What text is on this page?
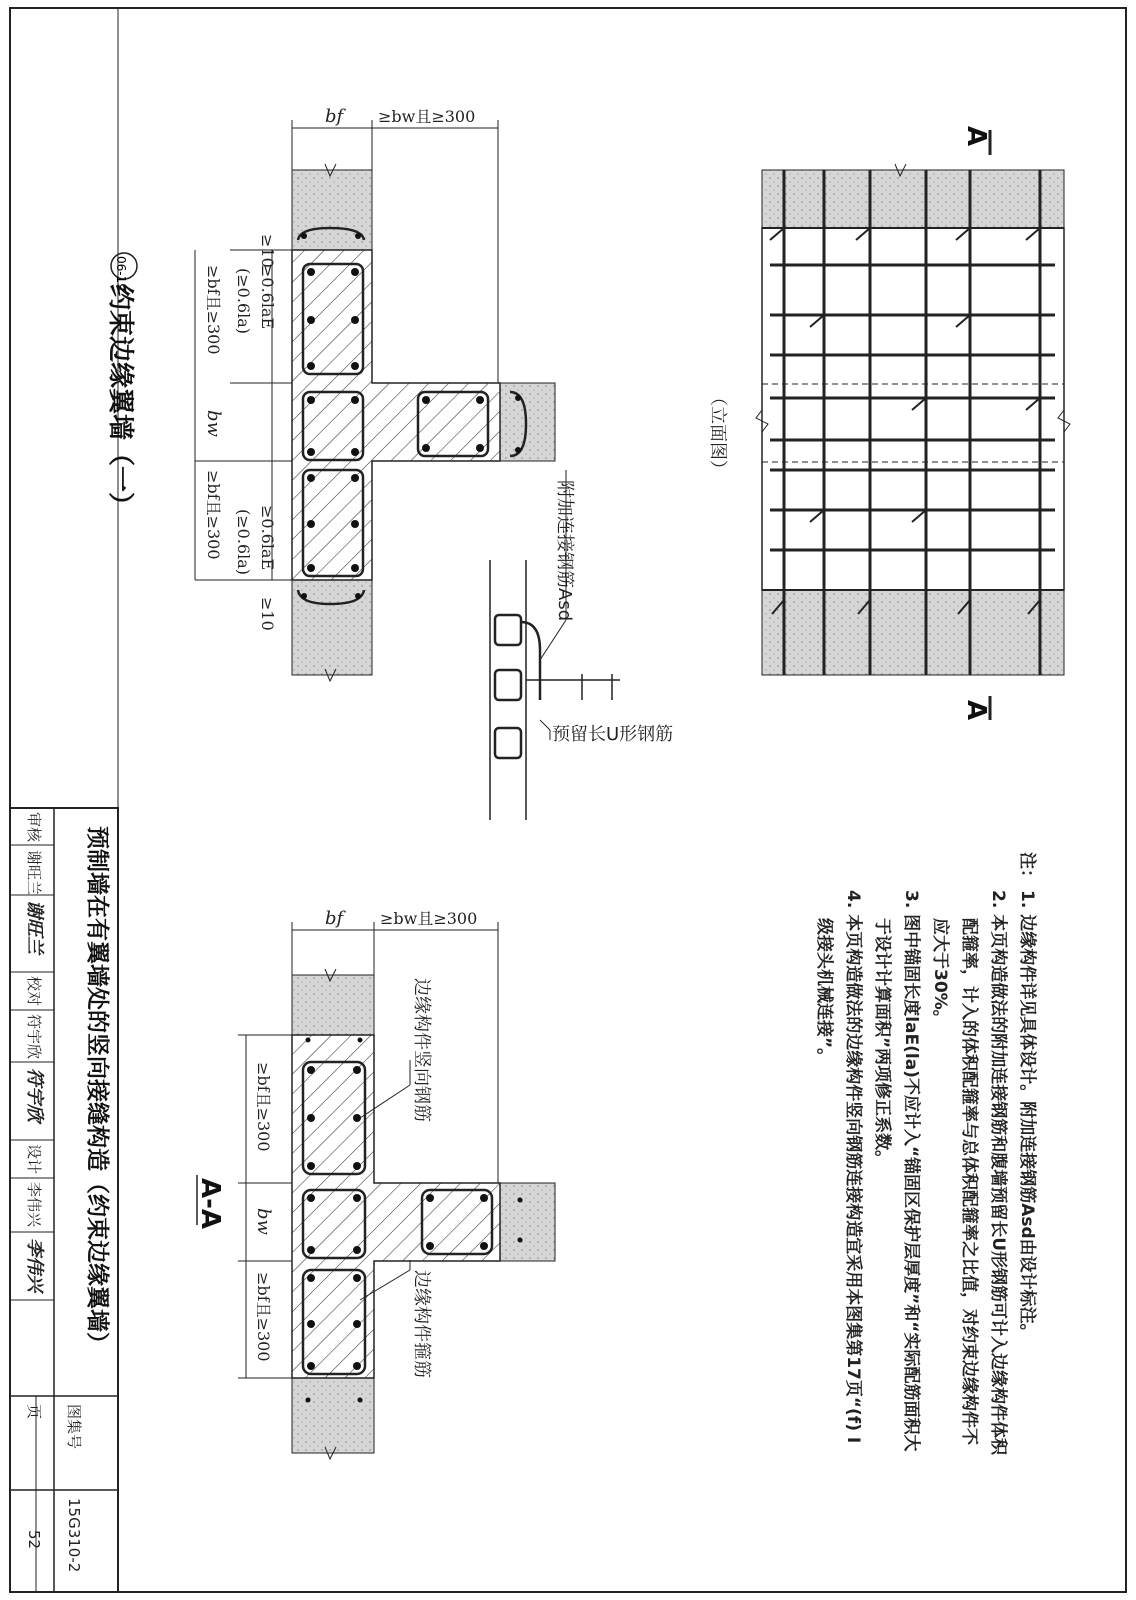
bf ≥bw且≥300
≥10
≥0.6laE
(≥0.6la)
≥bf且≥300
bw
≥bf且≥300 ≥0.6laE
(≥0.6la)
≥10
06-19
约束边缘翼墙（一）
附加连接钢筋Asd
预留长U形钢筋
A
A
（立面图）
bf ≥bw且≥300
≥bf且≥300
bw
≥bf且≥300
边缘构件竖向钢筋
边缘构件箍筋
A-A
注：
1. 边缘构件详见具体设计。附加连接钢筋Asd由设计标注。
2. 本页构造做法的附加连接钢筋和腹墙预留长U形钢筋可计入边缘构件体积
配箍率，计入的体积配箍率与总体积配箍率之比值，对约束边缘构件不
应大于30%。
3. 图中锚固长度laE(la)不应计入“锚固区保护层厚度”和“实际配筋面积大
于设计计算面积”两项修正系数。
4. 本页构造做法的边缘构件竖向钢筋连接构造宜采用本图集第17页“(f) I
级接头机械连接”。
预制墙在有翼墙处的竖向接缝构造（约束边缘翼墙）
审核
谢旺兰
谢旺兰
校对
符宇欣
符宇欣
设计
李伟兴
李伟兴
图集号
15G310-2
页
52
